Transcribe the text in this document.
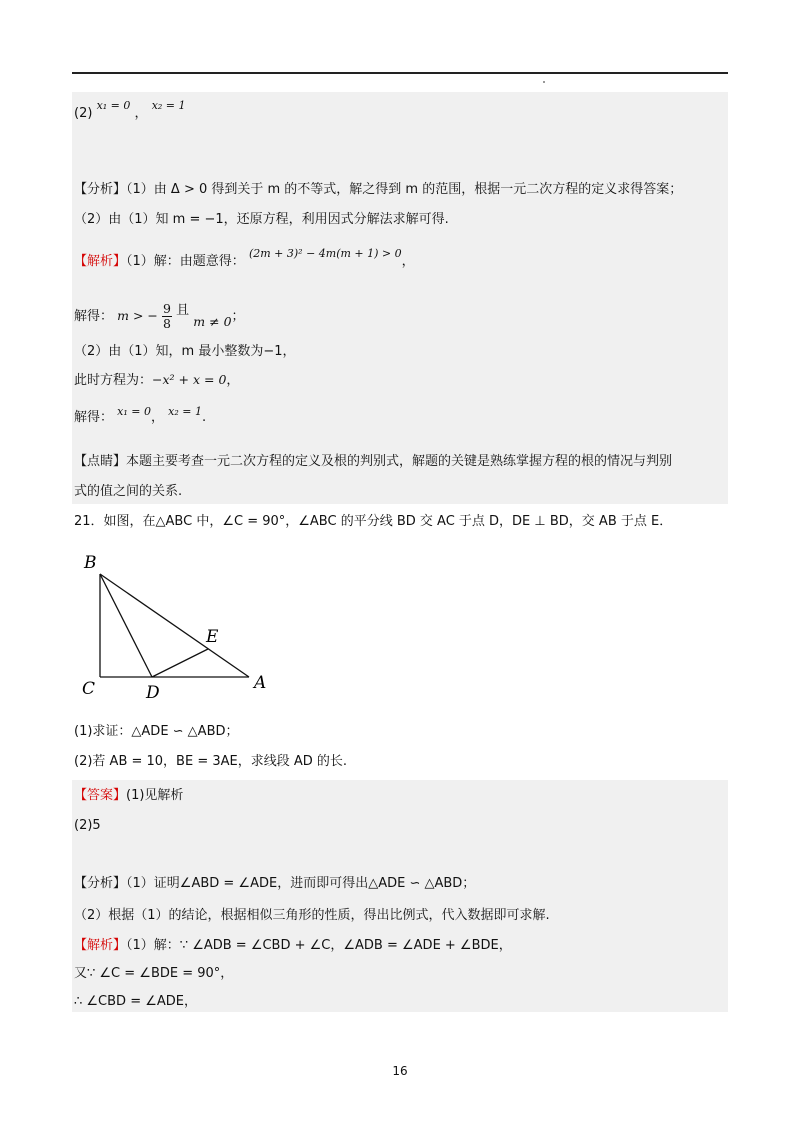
(2) $^{x_1 = 0}$ ， $^{x_2 = 1}$
【分析】（1）由 Δ > 0 得到关于 m 的不等式，解之得到 m 的范围，根据一元二次方程的定义求得答案；
（2）由（1）知 m = −1，还原方程，利用因式分解法求解可得.
【解析】（1）解：由题意得： $^{(2m + 3)^2 - 4m(m + 1) > 0}$，
解得： m > − $\frac{9}{8}$ 且 m ≠ 0；
（2）由（1）知，m 最小整数为−1，
此时方程为：−x² + x = 0，
解得： $^{x_1 = 0}$， $^{x_2 = 1}$.
【点睛】本题主要考查一元二次方程的定义及根的判别式，解题的关键是熟练掌握方程的根的情况与判别
式的值之间的关系.
21．如图，在△ABC 中，∠C = 90°，∠ABC 的平分线 BD 交 AC 于点 D，DE ⊥ BD，交 AB 于点 E．
B
E
C	D	A
(1)求证：△ADE ∽ △ABD；
(2)若 AB = 10，BE = 3AE，求线段 AD 的长.
【答案】(1)见解析
(2)5
【分析】（1）证明∠ABD = ∠ADE，进而即可得出△ADE ∽ △ABD；
（2）根据（1）的结论，根据相似三角形的性质，得出比例式，代入数据即可求解.
【解析】（1）解：∵ ∠ADB = ∠CBD + ∠C，∠ADB = ∠ADE + ∠BDE，
又∵ ∠C = ∠BDE = 90°，
∴ ∠CBD = ∠ADE，
16
